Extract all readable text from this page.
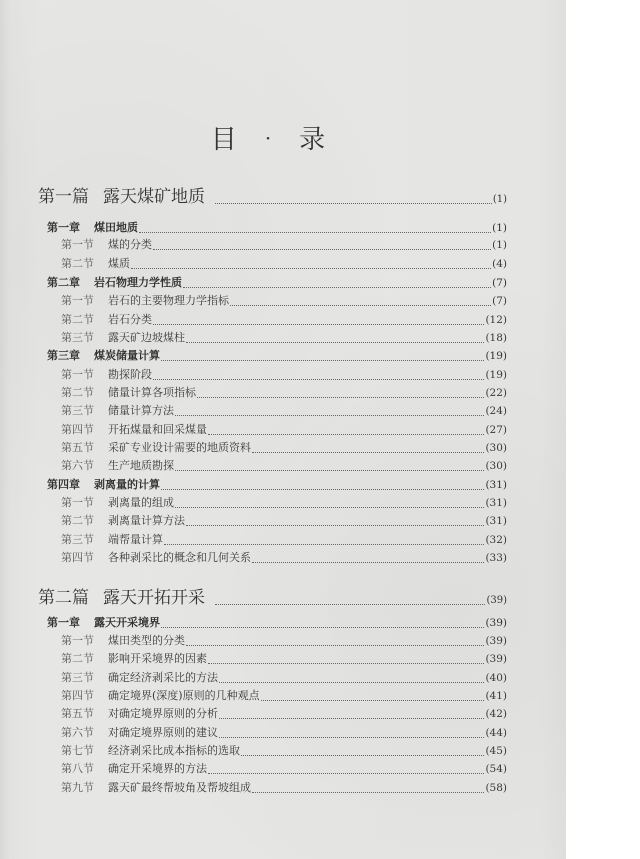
目 · 录
第一篇 露天煤矿地质	(1)
第一章 煤田地质	(1)
第一节 煤的分类	(1)
第二节 煤质	(4)
第二章 岩石物理力学性质	(7)
第一节 岩石的主要物理力学指标	(7)
第二节 岩石分类	(12)
第三节 露天矿边坡煤柱	(18)
第三章 煤炭储量计算	(19)
第一节 勘探阶段	(19)
第二节 储量计算各项指标	(22)
第三节 储量计算方法	(24)
第四节 开拓煤量和回采煤量	(27)
第五节 采矿专业设计需要的地质资料	(30)
第六节 生产地质勘探	(30)
第四章 剥离量的计算	(31)
第一节 剥离量的组成	(31)
第二节 剥离量计算方法	(31)
第三节 端帮量计算	(32)
第四节 各种剥采比的概念和几何关系	(33)
第二篇 露天开拓开采	(39)
第一章 露天开采境界	(39)
第一节 煤田类型的分类	(39)
第二节 影响开采境界的因素	(39)
第三节 确定经济剥采比的方法	(40)
第四节 确定境界(深度)原则的几种观点	(41)
第五节 对确定境界原则的分析	(42)
第六节 对确定境界原则的建议	(44)
第七节 经济剥采比成本指标的选取	(45)
第八节 确定开采境界的方法	(54)
第九节 露天矿最终帮坡角及帮坡组成	(58)
